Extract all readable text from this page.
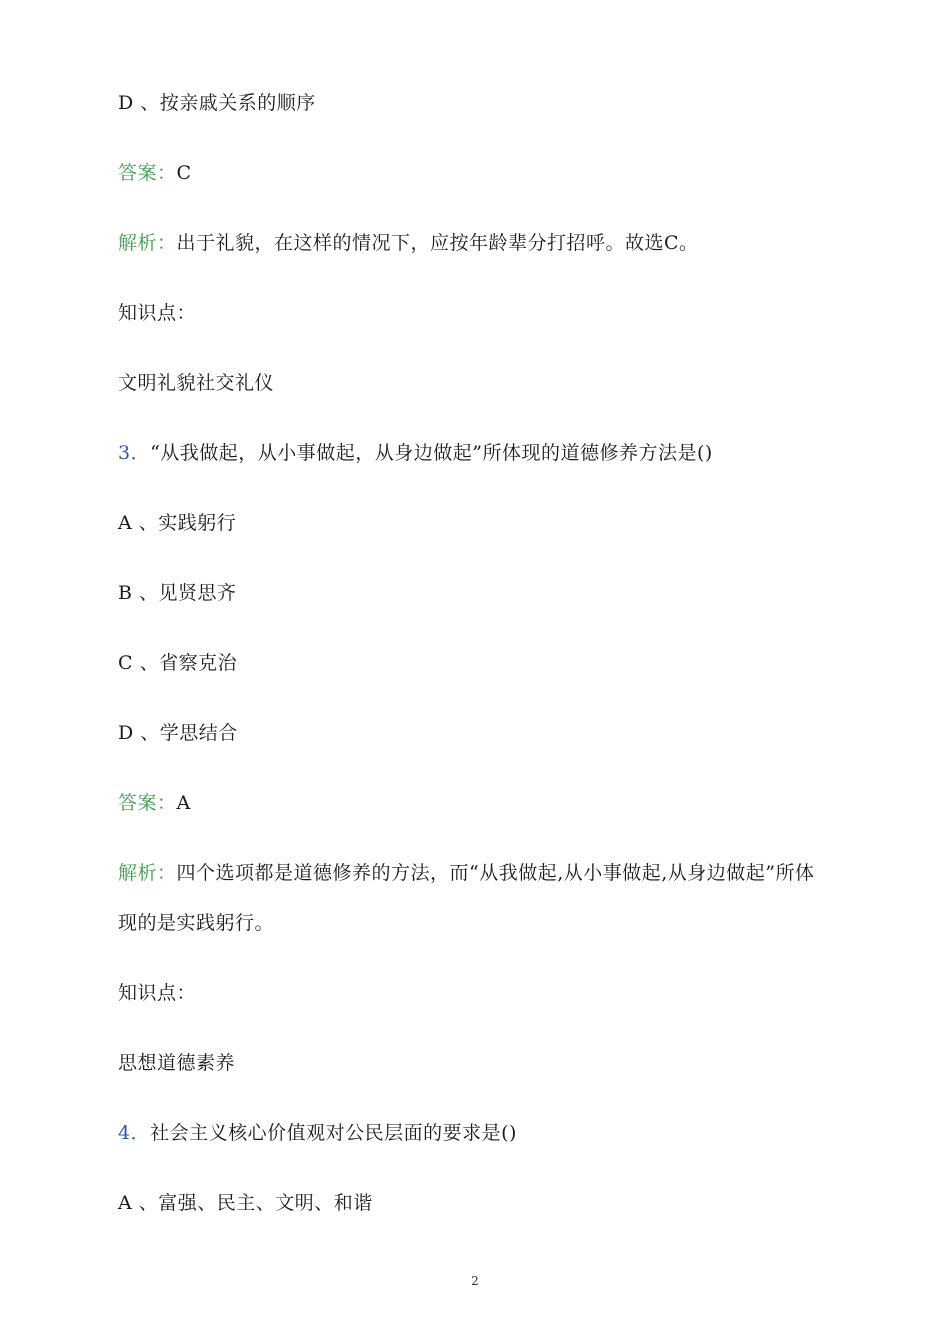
D 、按亲戚关系的顺序
答案：C
解析：出于礼貌，在这样的情况下，应按年龄辈分打招呼。故选C。
知识点：
文明礼貌社交礼仪
3．“从我做起，从小事做起，从身边做起”所体现的道德修养方法是()
A 、实践躬行
B 、见贤思齐
C 、省察克治
D 、学思结合
答案：A
解析：四个选项都是道德修养的方法，而“从我做起,从小事做起,从身边做起”所体
现的是实践躬行。
知识点：
思想道德素养
4．社会主义核心价值观对公民层面的要求是()
A 、富强、民主、文明、和谐
2
